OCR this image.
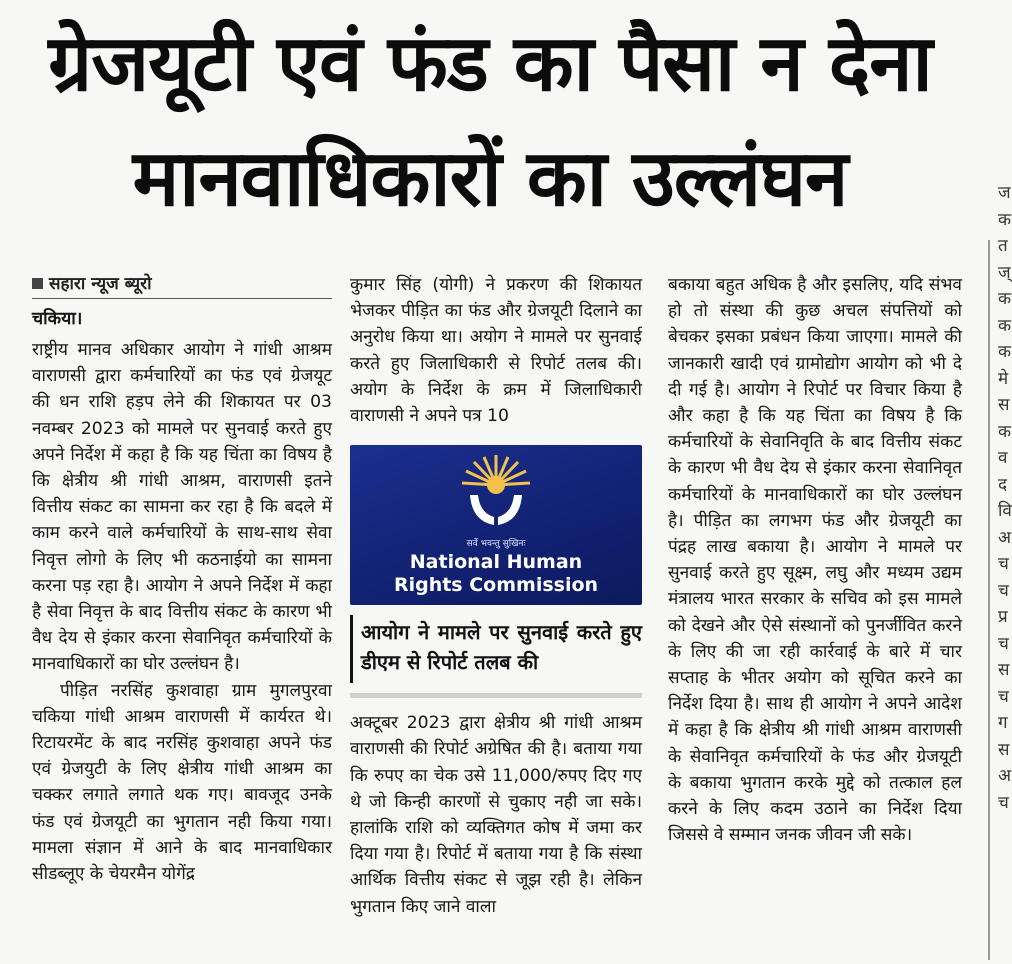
ग्रेजयूटी एवं फंड का पैसा न देना
मानवाधिकारों का उल्लंघन
सहारा न्यूज ब्यूरो
चकिया।

राष्ट्रीय मानव अधिकार आयोग ने गांधी आश्रम वाराणसी द्वारा कर्मचारियों का फंड एवं ग्रेजयूट की धन राशि हड़प लेने की शिकायत पर 03 नवम्बर 2023 को मामले पर सुनवाई करते हुए अपने निर्देश में कहा है कि यह चिंता का विषय है कि क्षेत्रीय श्री गांधी आश्रम, वाराणसी इतने वित्तीय संकट का सामना कर रहा है कि बदले में काम करने वाले कर्मचारियों के साथ-साथ सेवा निवृत्त लोगो के लिए भी कठनाईयो का सामना करना पड़ रहा है। आयोग ने अपने निर्देश में कहा है सेवा निवृत्त के बाद वित्तीय संकट के कारण भी वैध देय से इंकार करना सेवानिवृत कर्मचारियों के मानवाधिकारों का घोर उल्लंघन है।

पीड़ित नरसिंह कुशवाहा ग्राम मुगलपुरवा चकिया गांधी आश्रम वाराणसी में कार्यरत थे। रिटायरमेंट के बाद नरसिंह कुशवाहा अपने फंड एवं ग्रेजयुटी के लिए क्षेत्रीय गांधी आश्रम का चक्कर लगाते लगाते थक गए। बावजूद उनके फंड एवं ग्रेजयूटी का भुगतान नही किया गया। मामला संज्ञान में आने के बाद मानवाधिकार सीडब्लूए के चेयरमैन योगेंद्र

कुमार सिंह (योगी) ने प्रकरण की शिकायत भेजकर पीड़ित का फंड और ग्रेजयूटी दिलाने का अनुरोध किया था। अयोग ने मामले पर सुनवाई करते हुए जिलाधिकारी से रिपोर्ट तलब की। अयोग के निर्देश के क्रम में जिलाधिकारी वाराणसी ने अपने पत्र 10

सर्वे भवन्तु सुखिनः
National Human
Rights Commission
आयोग ने मामले पर सुनवाई करते हुए डीएम से रिपोर्ट तलब की

अक्टूबर 2023 द्वारा क्षेत्रीय श्री गांधी आश्रम वाराणसी की रिपोर्ट अग्रेषित की है। बताया गया कि रुपए का चेक उसे 11,000/रुपए दिए गए थे जो किन्ही कारणों से चुकाए नही जा सके। हालांकि राशि को व्यक्तिगत कोष में जमा कर दिया गया है। रिपोर्ट में बताया गया है कि संस्था आर्थिक वित्तीय संकट से जूझ रही है। लेकिन भुगतान किए जाने वाला

बकाया बहुत अधिक है और इसलिए, यदि संभव हो तो संस्था की कुछ अचल संपत्तियों को बेचकर इसका प्रबंधन किया जाएगा। मामले की जानकारी खादी एवं ग्रामोद्योग आयोग को भी दे दी गई है। आयोग ने रिपोर्ट पर विचार किया है और कहा है कि यह चिंता का विषय है कि कर्मचारियों के सेवानिवृति के बाद वित्तीय संकट के कारण भी वैध देय से इंकार करना सेवानिवृत कर्मचारियों के मानवाधिकारों का घोर उल्लंघन है। पीड़ित का लगभग फंड और ग्रेजयूटी का पंद्रह लाख बकाया है। आयोग ने मामले पर सुनवाई करते हुए सूक्ष्म, लघु और मध्यम उद्यम मंत्रालय भारत सरकार के सचिव को इस मामले को देखने और ऐसे संस्थानों को पुनर्जीवित करने के लिए की जा रही कार्रवाई के बारे में चार सप्ताह के भीतर अयोग को सूचित करने का निर्देश दिया है। साथ ही आयोग ने अपने आदेश में कहा है कि क्षेत्रीय श्री गांधी आश्रम वाराणसी के सेवानिवृत कर्मचारियों के फंड और ग्रेजयूटी के बकाया भुगतान करके मुद्दे को तत्काल हल करने के लिए कदम उठाने का निर्देश दिया जिससे वे सम्मान जनक जीवन जी सके।

ज
क
त
ज्
क
क
क
मे
स
क
व
द
वि
अ
च
च
प्र
च
स
च
ग
स
अ
च
